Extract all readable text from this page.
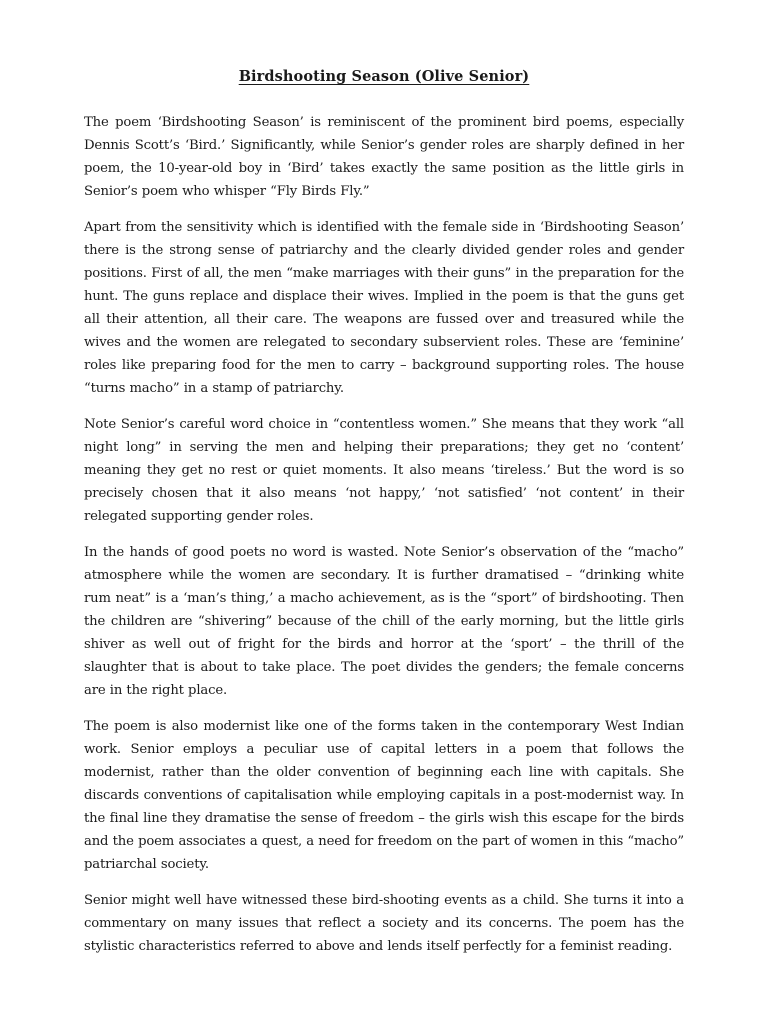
Birdshooting Season (Olive Senior)

The poem ‘Birdshooting Season’ is reminiscent of the prominent bird poems, especially Dennis Scott’s ‘Bird.’ Significantly, while Senior’s gender roles are sharply defined in her poem, the 10-year-old boy in ‘Bird’ takes exactly the same position as the little girls in Senior’s poem who whisper “Fly Birds Fly.”

Apart from the sensitivity which is identified with the female side in ‘Birdshooting Season’ there is the strong sense of patriarchy and the clearly divided gender roles and gender positions. First of all, the men “make marriages with their guns” in the preparation for the hunt. The guns replace and displace their wives. Implied in the poem is that the guns get all their attention, all their care. The weapons are fussed over and treasured while the wives and the women are relegated to secondary subservient roles. These are ‘feminine’ roles like preparing food for the men to carry – background supporting roles. The house “turns macho” in a stamp of patriarchy.

Note Senior’s careful word choice in “contentless women.” She means that they work “all night long” in serving the men and helping their preparations; they get no ‘content’ meaning they get no rest or quiet moments. It also means ‘tireless.’ But the word is so precisely chosen that it also means ‘not happy,’ ‘not satisfied’ ‘not content’ in their relegated supporting gender roles.

In the hands of good poets no word is wasted. Note Senior’s observation of the “macho” atmosphere while the women are secondary. It is further dramatised – “drinking white rum neat” is a ‘man’s thing,’ a macho achievement, as is the “sport” of birdshooting. Then the children are “shivering” because of the chill of the early morning, but the little girls shiver as well out of fright for the birds and horror at the ‘sport’ – the thrill of the slaughter that is about to take place. The poet divides the genders; the female concerns are in the right place.

The poem is also modernist like one of the forms taken in the contemporary West Indian work. Senior employs a peculiar use of capital letters in a poem that follows the modernist, rather than the older convention of beginning each line with capitals. She discards conventions of capitalisation while employing capitals in a post-modernist way. In the final line they dramatise the sense of freedom – the girls wish this escape for the birds and the poem associates a quest, a need for freedom on the part of women in this “macho” patriarchal society.

Senior might well have witnessed these bird-shooting events as a child. She turns it into a commentary on many issues that reflect a society and its concerns. The poem has the stylistic characteristics referred to above and lends itself perfectly for a feminist reading.
